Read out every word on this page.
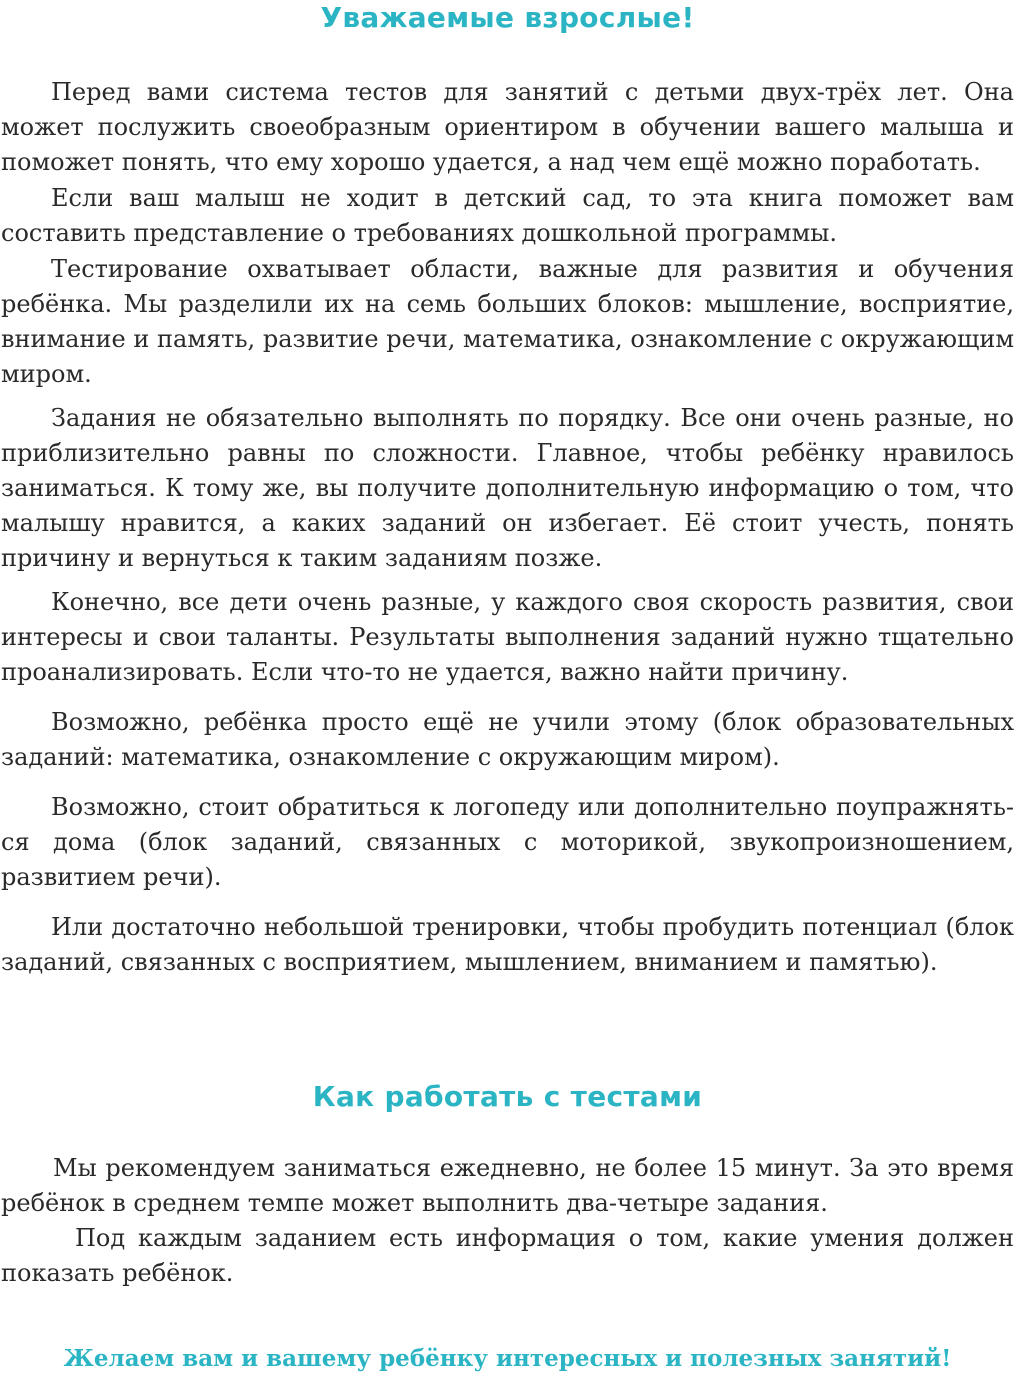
Уважаемые взрослые!

Перед вами система тестов для занятий с детьми двух-трёх лет. Она может послужить своеобразным ориентиром в обучении вашего малыша и поможет понять, что ему хорошо удается, а над чем ещё можно поработать.

Если ваш малыш не ходит в детский сад, то эта книга поможет вам составить представление о требованиях дошкольной программы.

Тестирование охватывает области, важные для развития и обучения ребёнка. Мы разделили их на семь больших блоков: мышление, восприятие, внимание и память, развитие речи, математика, ознакомление с окружающим миром.

Задания не обязательно выполнять по порядку. Все они очень разные, но приблизительно равны по сложности. Главное, чтобы ребёнку нравилось заниматься. К тому же, вы получите дополнительную информацию о том, что малышу нравится, а каких заданий он избегает. Её стоит учесть, понять причину и вернуться к таким заданиям позже.

Конечно, все дети очень разные, у каждого своя скорость развития, свои интересы и свои таланты. Результаты выполнения заданий нужно тщательно проанализировать. Если что-то не удается, важно найти причину.

Возможно, ребёнка просто ещё не учили этому (блок образовательных заданий: математика, ознакомление с окружающим миром).

Возможно, стоит обратиться к логопеду или дополнительно поупражняться дома (блок заданий, связанных с моторикой, звукопроизношением, развитием речи).

Или достаточно небольшой тренировки, чтобы пробудить потенциал (блок заданий, связанных с восприятием, мышлением, вниманием и памятью).

Как работать с тестами

Мы рекомендуем заниматься ежедневно, не более 15 минут. За это время ребёнок в среднем темпе может выполнить два-четыре задания.

Под каждым заданием есть информация о том, какие умения должен показать ребёнок.

Желаем вам и вашему ребёнку интересных и полезных занятий!
